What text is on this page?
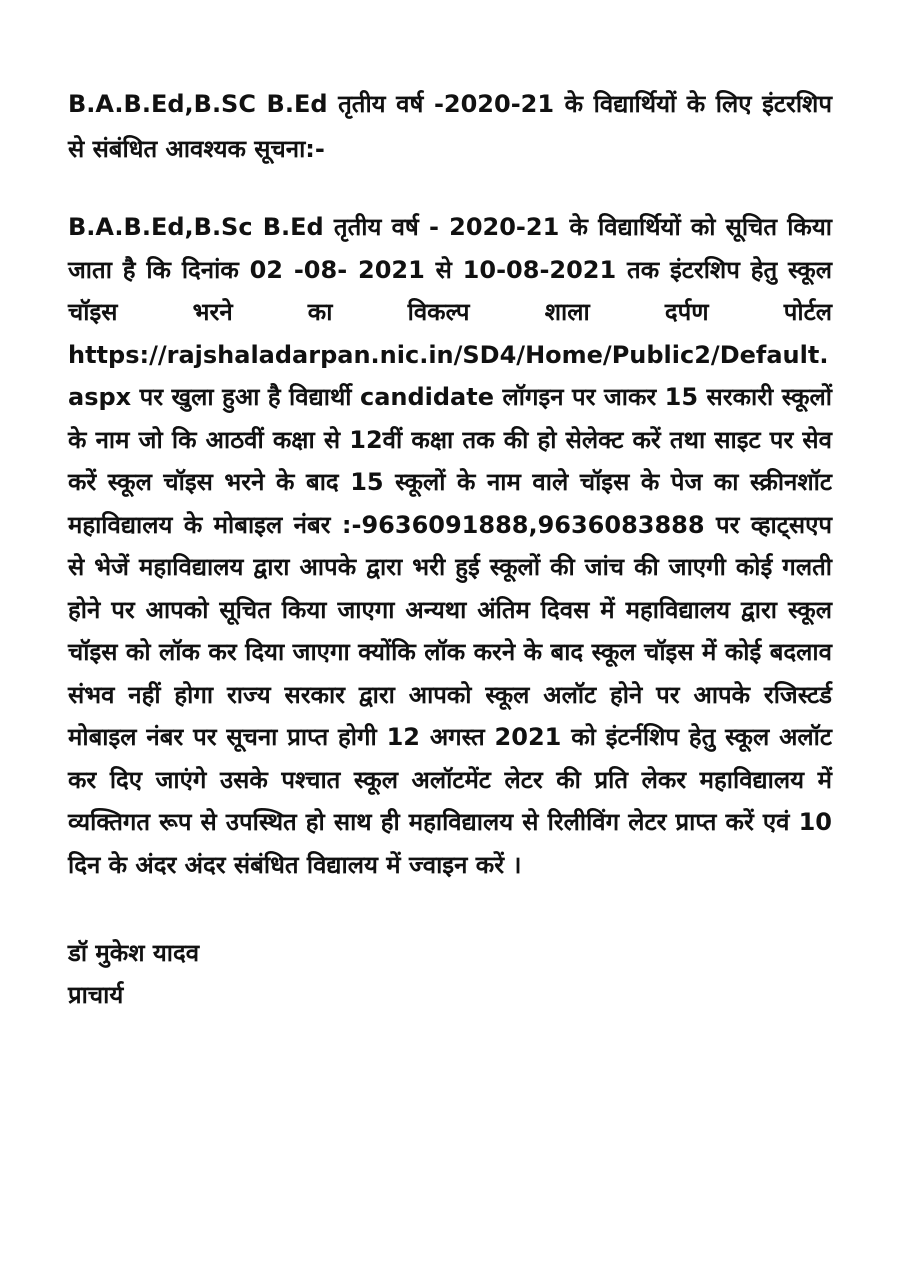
B.A.B.Ed,B.SC B.Ed तृतीय वर्ष -2020-21 के विद्यार्थियों के लिए इंटरशिप से संबंधित आवश्यक सूचना:-

B.A.B.Ed,B.Sc B.Ed तृतीय वर्ष - 2020-21 के विद्यार्थियों को सूचित किया जाता है कि दिनांक 02 -08- 2021 से 10-08-2021 तक इंटरशिप हेतु स्कूल चॉइस भरने का विकल्प शाला दर्पण पोर्टल https://rajshaladarpan.nic.in/SD4/Home/Public2/Default.aspx पर खुला हुआ है विद्यार्थी candidate लॉगइन पर जाकर 15 सरकारी स्कूलों के नाम जो कि आठवीं कक्षा से 12वीं कक्षा तक की हो सेलेक्ट करें तथा साइट पर सेव करें स्कूल चॉइस भरने के बाद 15 स्कूलों के नाम वाले चॉइस के पेज का स्क्रीनशॉट महाविद्यालय के मोबाइल नंबर :-9636091888,9636083888 पर व्हाट्सएप से भेजें महाविद्यालय द्वारा आपके द्वारा भरी हुई स्कूलों की जांच की जाएगी कोई गलती होने पर आपको सूचित किया जाएगा अन्यथा अंतिम दिवस में महाविद्यालय द्वारा स्कूल चॉइस को लॉक कर दिया जाएगा क्योंकि लॉक करने के बाद स्कूल चॉइस में कोई बदलाव संभव नहीं होगा राज्य सरकार द्वारा आपको स्कूल अलॉट होने पर आपके रजिस्टर्ड मोबाइल नंबर पर सूचना प्राप्त होगी 12 अगस्त 2021 को इंटर्नशिप हेतु स्कूल अलॉट कर दिए जाएंगे उसके पश्चात स्कूल अलॉटमेंट लेटर की प्रति लेकर महाविद्यालय में व्यक्तिगत रूप से उपस्थित हो साथ ही महाविद्यालय से रिलीविंग लेटर प्राप्त करें एवं 10 दिन के अंदर अंदर संबंधित विद्यालय में ज्वाइन करें ।

डॉ मुकेश यादव
प्राचार्य
